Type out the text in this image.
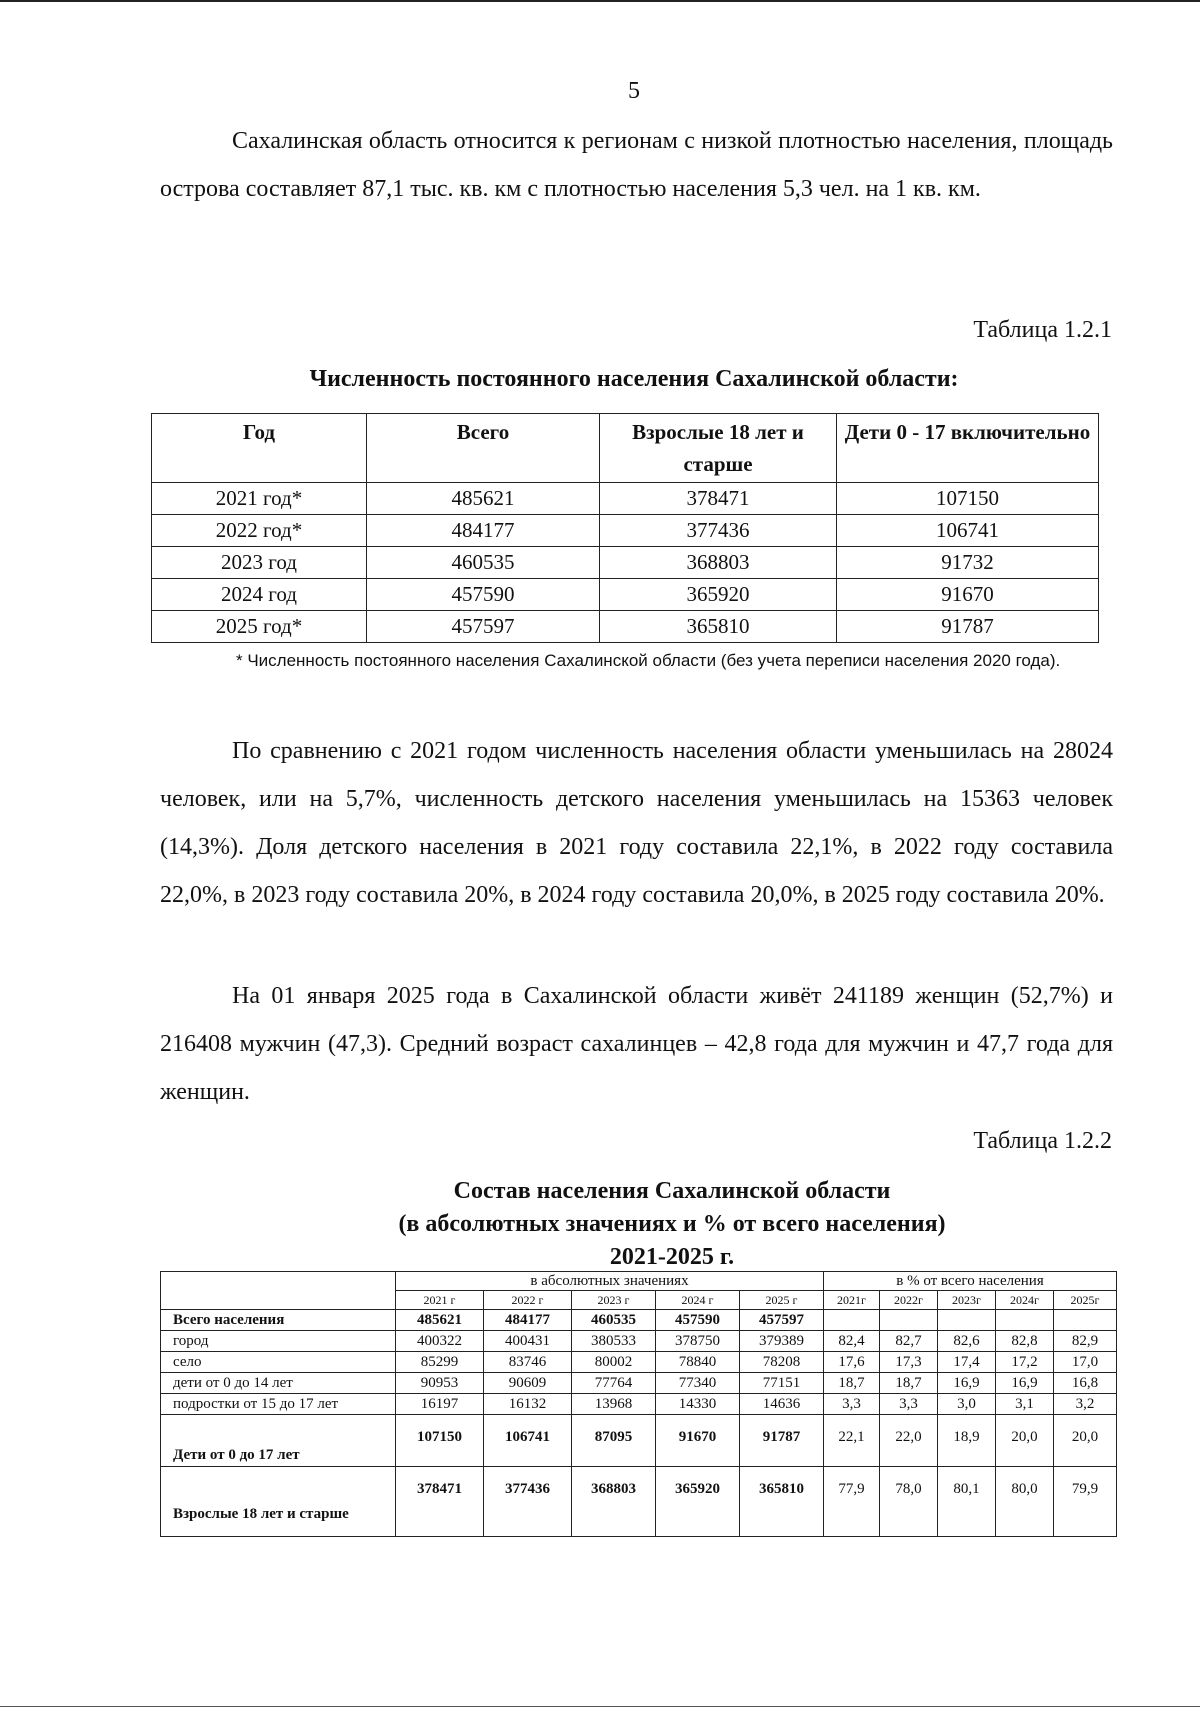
5

Сахалинская область относится к регионам с низкой плотностью населения, площадь острова составляет 87,1 тыс. кв. км с плотностью населения 5,3 чел. на 1 кв. км.

Таблица 1.2.1
Численность постоянного населения Сахалинской области:
Год	Всего	Взрослые 18 лет и старше	Дети 0 - 17 включительно
2021 год*	485621	378471	107150
2022 год*	484177	377436	106741
2023 год	460535	368803	91732
2024 год	457590	365920	91670
2025 год*	457597	365810	91787
* Численность постоянного населения Сахалинской области (без учета переписи населения 2020 года).

По сравнению с 2021 годом численность населения области уменьшилась на 28024 человек, или на 5,7%, численность детского населения уменьшилась на 15363 человек (14,3%). Доля детского населения в 2021 году составила 22,1%, в 2022 году составила 22,0%, в 2023 году составила 20%, в 2024 году составила 20,0%, в 2025 году составила 20%.

На 01 января 2025 года в Сахалинской области живёт 241189 женщин (52,7%) и 216408 мужчин (47,3). Средний возраст сахалинцев – 42,8 года для мужчин и 47,7 года для женщин.

Таблица 1.2.2
Состав населения Сахалинской области
(в абсолютных значениях и % от всего населения)
2021-2025 г.
	в абсолютных значениях					в % от всего населения				
	2021 г	2022 г	2023 г	2024 г	2025 г	2021г	2022г	2023г	2024г	2025г
Всего населения	485621	484177	460535	457590	457597					
город	400322	400431	380533	378750	379389	82,4	82,7	82,6	82,8	82,9
село	85299	83746	80002	78840	78208	17,6	17,3	17,4	17,2	17,0
дети от 0 до 14 лет	90953	90609	77764	77340	77151	18,7	18,7	16,9	16,9	16,8
подростки от 15 до 17 лет	16197	16132	13968	14330	14636	3,3	3,3	3,0	3,1	3,2
Дети от 0 до 17 лет	107150	106741	87095	91670	91787	22,1	22,0	18,9	20,0	20,0
Взрослые 18 лет и старше	378471	377436	368803	365920	365810	77,9	78,0	80,1	80,0	79,9
